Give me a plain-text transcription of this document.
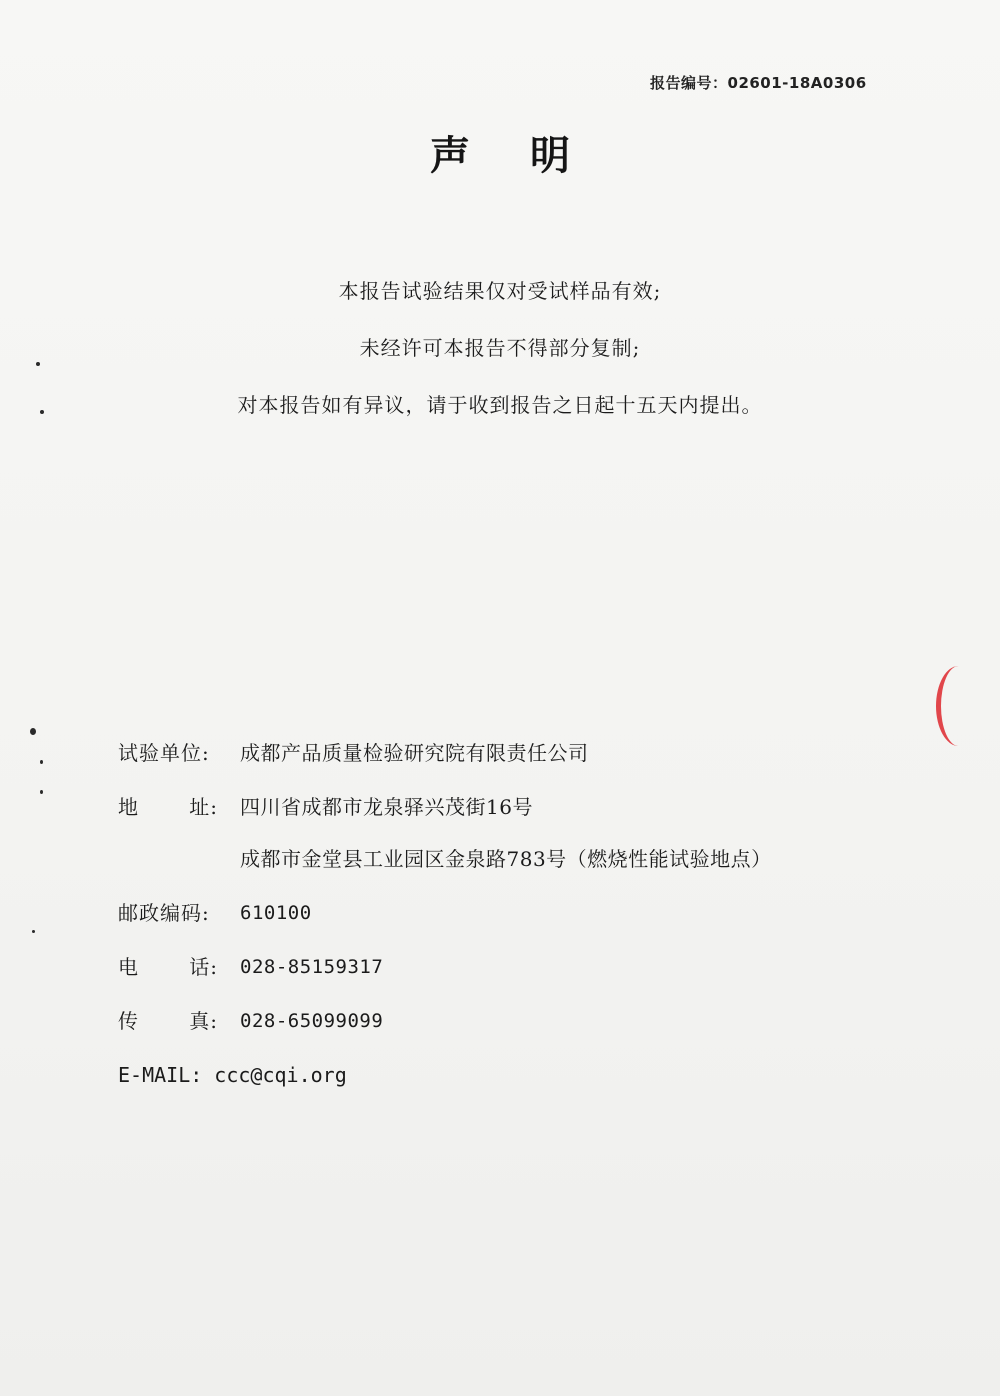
报告编号：02601-18A0306
声明
本报告试验结果仅对受试样品有效;
未经许可本报告不得部分复制;
对本报告如有异议，请于收到报告之日起十五天内提出。
试验单位:	成都产品质量检验研究院有限责任公司
地	址: 四川省成都市龙泉驿兴茂街16号
成都市金堂县工业园区金泉路783号（燃烧性能试验地点）
邮政编码:	610100
电	话: 028-85159317
传	真: 028-65099099
E-MAIL: ccc@cqi.org
